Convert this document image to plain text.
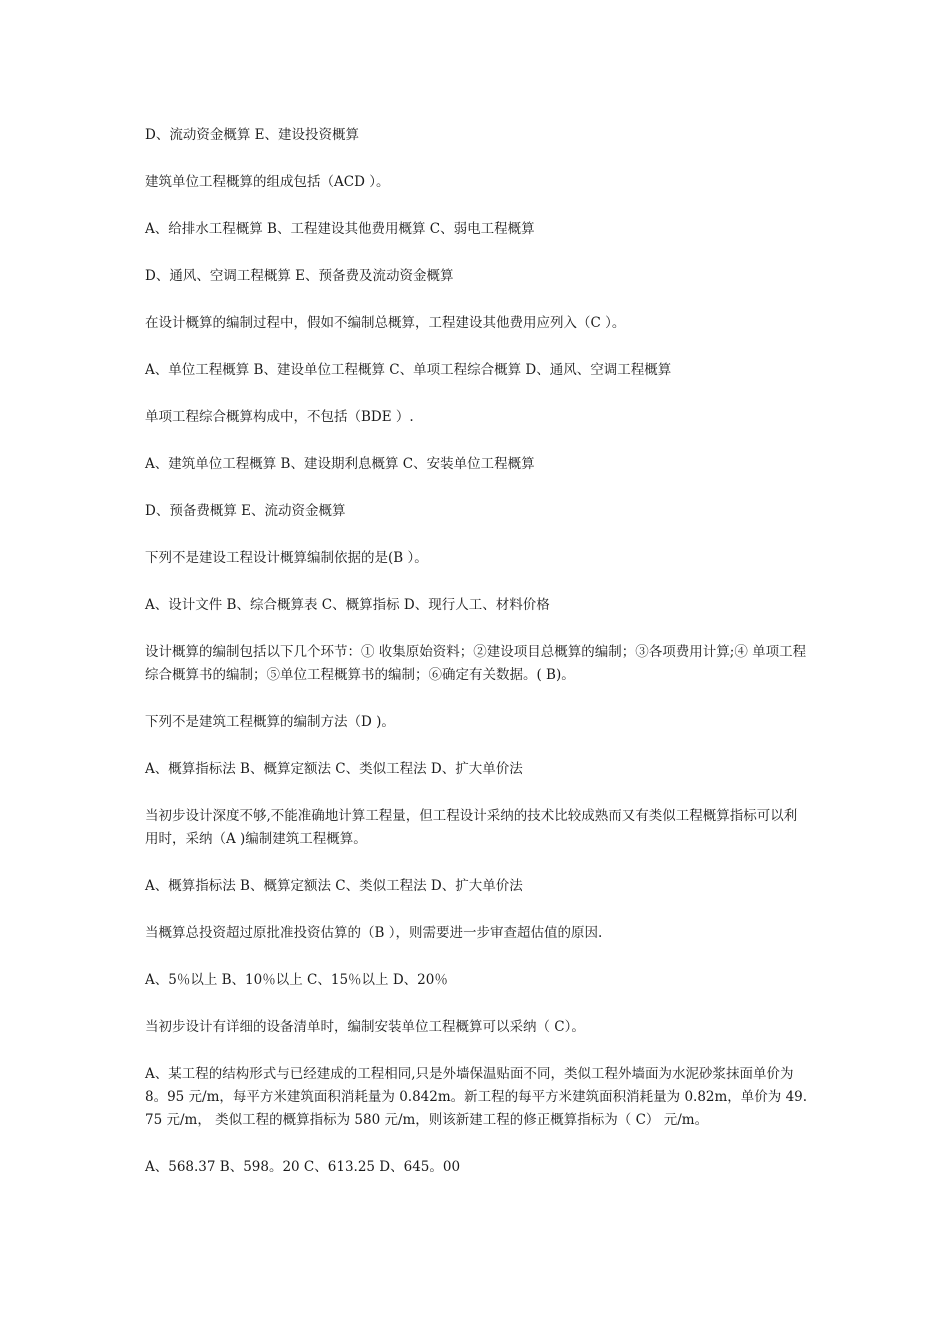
D、流动资金概算 E、建设投资概算

建筑单位工程概算的组成包括（ACD ）。

A、给排水工程概算 B、工程建设其他费用概算 C、弱电工程概算

D、通风、空调工程概算 E、预备费及流动资金概算

在设计概算的编制过程中，假如不编制总概算，工程建设其他费用应列入（C ）。

A、单位工程概算 B、建设单位工程概算 C、单项工程综合概算 D、通风、空调工程概算

单项工程综合概算构成中，不包括（BDE ）.

A、建筑单位工程概算 B、建设期利息概算 C、安装单位工程概算

D、预备费概算 E、流动资金概算

下列不是建设工程设计概算编制依据的是(B ）。

A、设计文件 B、综合概算表 C、概算指标 D、现行人工、材料价格

设计概算的编制包括以下几个环节：① 收集原始资料；②建设项目总概算的编制；③各项费用计算;④ 单项工程综合概算书的编制；⑤单位工程概算书的编制；⑥确定有关数据。( B)。

下列不是建筑工程概算的编制方法（D )。

A、概算指标法 B、概算定额法 C、类似工程法 D、扩大单价法

当初步设计深度不够,不能准确地计算工程量，但工程设计采纳的技术比较成熟而又有类似工程概算指标可以利用时，采纳（A )编制建筑工程概算。

A、概算指标法 B、概算定额法 C、类似工程法 D、扩大单价法

当概算总投资超过原批准投资估算的（B ），则需要进一步审查超估值的原因.

A、5％以上 B、10％以上 C、15％以上 D、20％

当初步设计有详细的设备清单时，编制安装单位工程概算可以采纳（ C）。

A、某工程的结构形式与已经建成的工程相同,只是外墙保温贴面不同，类似工程外墙面为水泥砂浆抹面单价为 8。95 元/m，每平方米建筑面积消耗量为 0.842m。新工程的每平方米建筑面积消耗量为 0.82m，单价为 49.75 元/m， 类似工程的概算指标为 580 元/m，则该新建工程的修正概算指标为（ C） 元/m。

A、568.37 B、598。20 C、613.25 D、645。00
